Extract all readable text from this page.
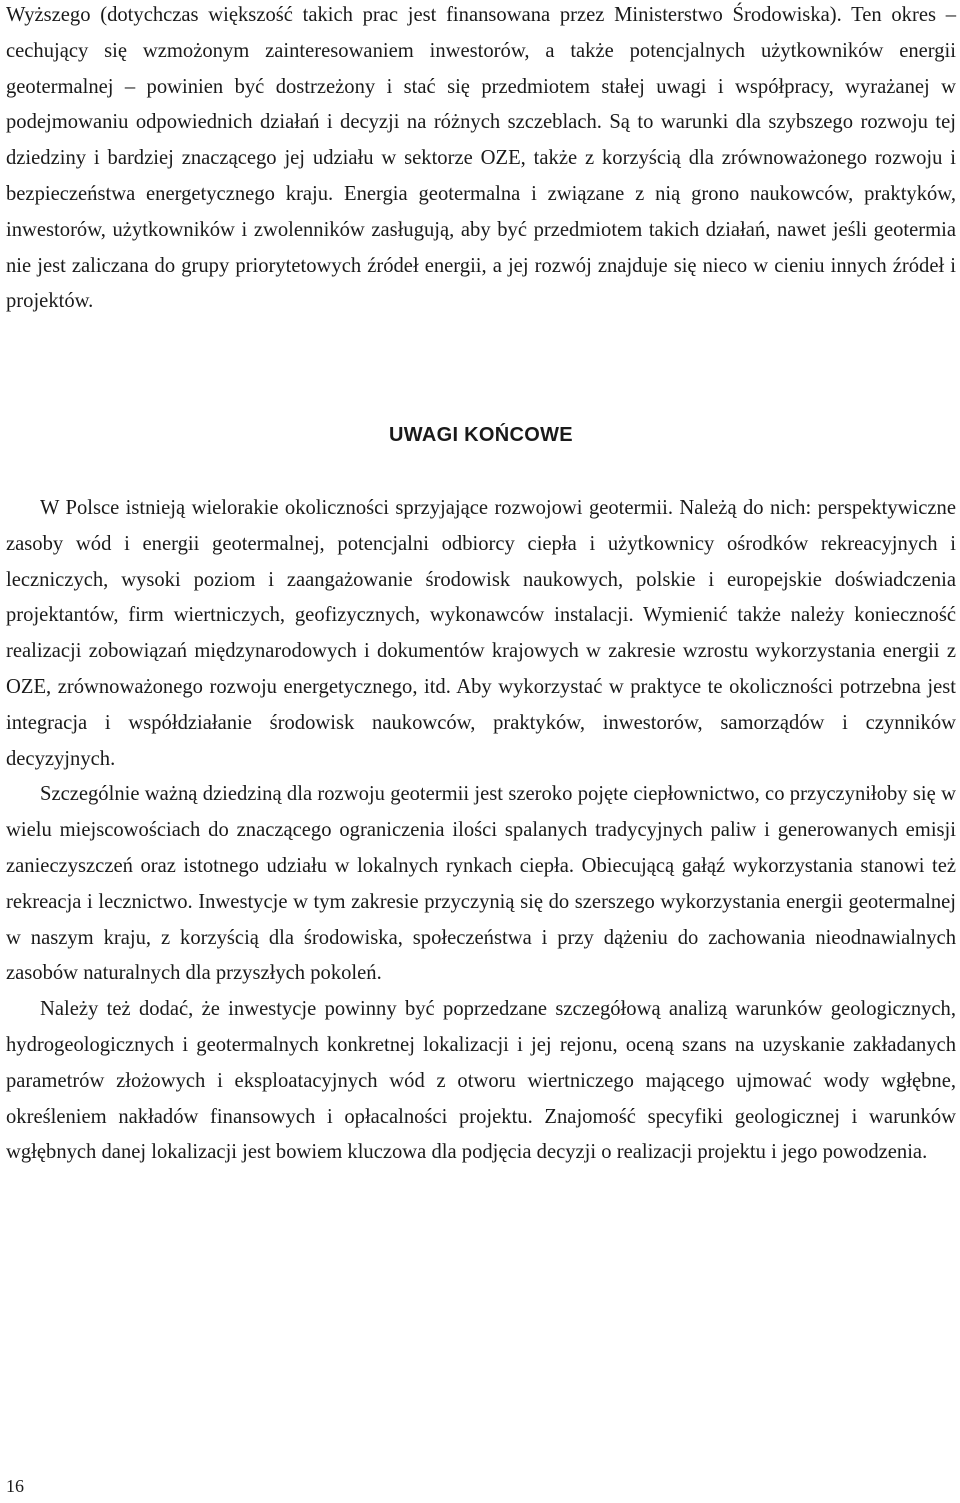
Wyższego (dotychczas większość takich prac jest finansowana przez Ministerstwo Środowiska). Ten okres – cechujący się wzmożonym zainteresowaniem inwestorów, a także potencjalnych użytkowników energii geotermalnej – powinien być dostrzeżony i stać się przedmiotem stałej uwagi i współpracy, wyrażanej w podejmowaniu odpowiednich działań i decyzji na różnych szczeblach. Są to warunki dla szybszego rozwoju tej dziedziny i bardziej znaczącego jej udziału w sektorze OZE, także z korzyścią dla zrównoważonego rozwoju i bezpieczeństwa energetycznego kraju. Energia geotermalna i związane z nią grono naukowców, praktyków, inwestorów, użytkowników i zwolenników zasługują, aby być przedmiotem takich działań, nawet jeśli geotermia nie jest zaliczana do grupy priorytetowych źródeł energii, a jej rozwój znajduje się nieco w cieniu innych źródeł i projektów.

UWAGI KOŃCOWE

W Polsce istnieją wielorakie okoliczności sprzyjające rozwojowi geotermii. Należą do nich: perspektywiczne zasoby wód i energii geotermalnej, potencjalni odbiorcy ciepła i użytkownicy ośrodków rekreacyjnych i leczniczych, wysoki poziom i zaangażowanie środowisk naukowych, polskie i europejskie doświadczenia projektantów, firm wiertniczych, geofizycznych, wykonawców instalacji. Wymienić także należy konieczność realizacji zobowiązań międzynarodowych i dokumentów krajowych w zakresie wzrostu wykorzystania energii z OZE, zrównoważonego rozwoju energetycznego, itd. Aby wykorzystać w praktyce te okoliczności potrzebna jest integracja i współdziałanie środowisk naukowców, praktyków, inwestorów, samorządów i czynników decyzyjnych.

Szczególnie ważną dziedziną dla rozwoju geotermii jest szeroko pojęte ciepłownictwo, co przyczyniłoby się w wielu miejscowościach do znaczącego ograniczenia ilości spalanych tradycyjnych paliw i generowanych emisji zanieczyszczeń oraz istotnego udziału w lokalnych rynkach ciepła. Obiecującą gałąź wykorzystania stanowi też rekreacja i lecznictwo. Inwestycje w tym zakresie przyczynią się do szerszego wykorzystania energii geotermalnej w naszym kraju, z korzyścią dla środowiska, społeczeństwa i przy dążeniu do zachowania nieodnawialnych zasobów naturalnych dla przyszłych pokoleń.

Należy też dodać, że inwestycje powinny być poprzedzane szczegółową analizą warunków geologicznych, hydrogeologicznych i geotermalnych konkretnej lokalizacji i jej rejonu, oceną szans na uzyskanie zakładanych parametrów złożowych i eksploatacyjnych wód z otworu wiertniczego mającego ujmować wody wgłębne, określeniem nakładów finansowych i opłacalności projektu. Znajomość specyfiki geologicznej i warunków wgłębnych danej lokalizacji jest bowiem kluczowa dla podjęcia decyzji o realizacji projektu i jego powodzenia.

16
